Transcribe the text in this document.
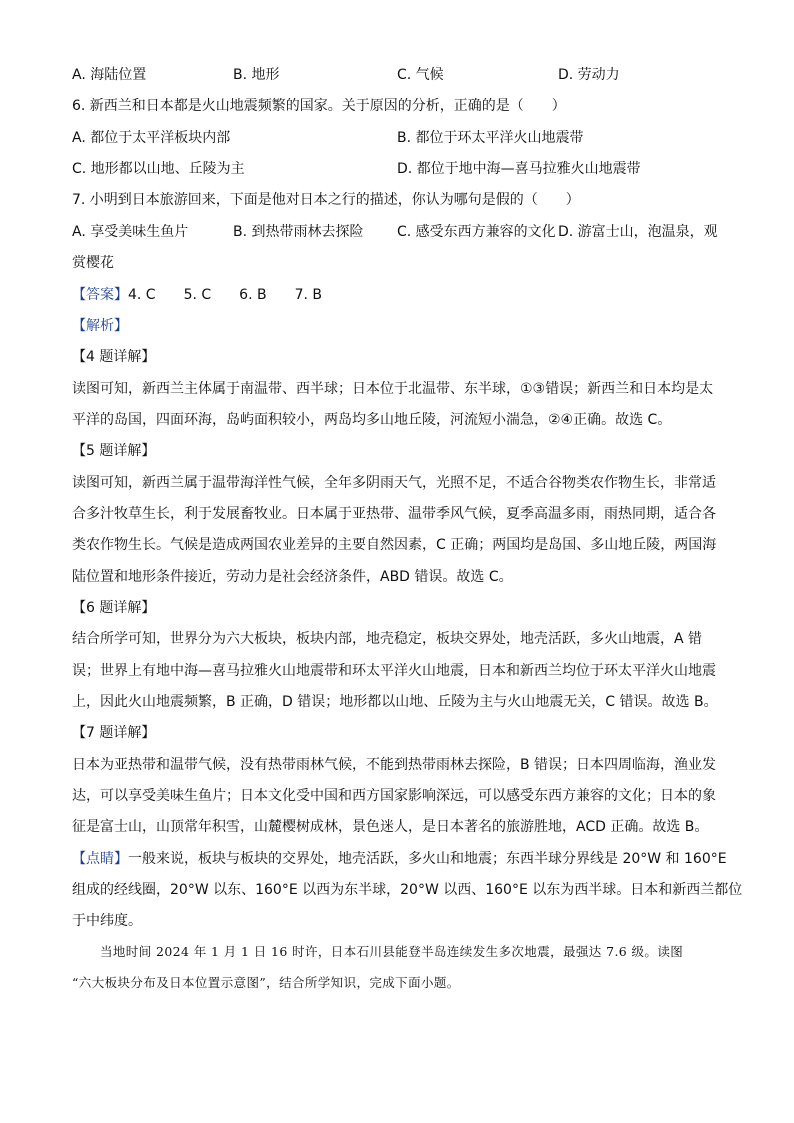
A. 海陆位置	B. 地形	C. 气候	D. 劳动力
6. 新西兰和日本都是火山地震频繁的国家。关于原因的分析，正确的是（　　）
A. 都位于太平洋板块内部	B. 都位于环太平洋火山地震带
C. 地形都以山地、丘陵为主	D. 都位于地中海—喜马拉雅火山地震带
7. 小明到日本旅游回来，下面是他对日本之行的描述，你认为哪句是假的（　　）
A. 享受美味生鱼片	B. 到热带雨林去探险 C. 感受东西方兼容的文化 D. 游富士山，泡温泉，观
赏樱花
【答案】4. C　　5. C　　6. B　　7. B
【解析】
【4 题详解】
读图可知，新西兰主体属于南温带、西半球；日本位于北温带、东半球，①③错误；新西兰和日本均是太
平洋的岛国，四面环海，岛屿面积较小，两岛均多山地丘陵，河流短小湍急，②④正确。故选 C。
【5 题详解】
读图可知，新西兰属于温带海洋性气候，全年多阴雨天气，光照不足，不适合谷物类农作物生长，非常适
合多汁牧草生长，利于发展畜牧业。日本属于亚热带、温带季风气候，夏季高温多雨，雨热同期，适合各
类农作物生长。气候是造成两国农业差异的主要自然因素，C 正确；两国均是岛国、多山地丘陵，两国海
陆位置和地形条件接近，劳动力是社会经济条件，ABD 错误。故选 C。
【6 题详解】
结合所学可知，世界分为六大板块，板块内部，地壳稳定，板块交界处，地壳活跃，多火山地震，A 错
误；世界上有地中海—喜马拉雅火山地震带和环太平洋火山地震，日本和新西兰均位于环太平洋火山地震
上，因此火山地震频繁，B 正确，D 错误；地形都以山地、丘陵为主与火山地震无关，C 错误。故选 B。
【7 题详解】
日本为亚热带和温带气候，没有热带雨林气候，不能到热带雨林去探险，B 错误；日本四周临海，渔业发
达，可以享受美味生鱼片；日本文化受中国和西方国家影响深远，可以感受东西方兼容的文化；日本的象
征是富士山，山顶常年积雪，山麓樱树成林，景色迷人，是日本著名的旅游胜地，ACD 正确。故选 B。
【点睛】一般来说，板块与板块的交界处，地壳活跃，多火山和地震；东西半球分界线是 20°W 和 160°E
组成的经线圈，20°W 以东、160°E 以西为东半球，20°W 以西、160°E 以东为西半球。日本和新西兰都位
于中纬度。
当地时间 2024 年 1 月 1 日 16 时许，日本石川县能登半岛连续发生多次地震，最强达 7.6 级。读图
“六大板块分布及日本位置示意图”，结合所学知识，完成下面小题。
